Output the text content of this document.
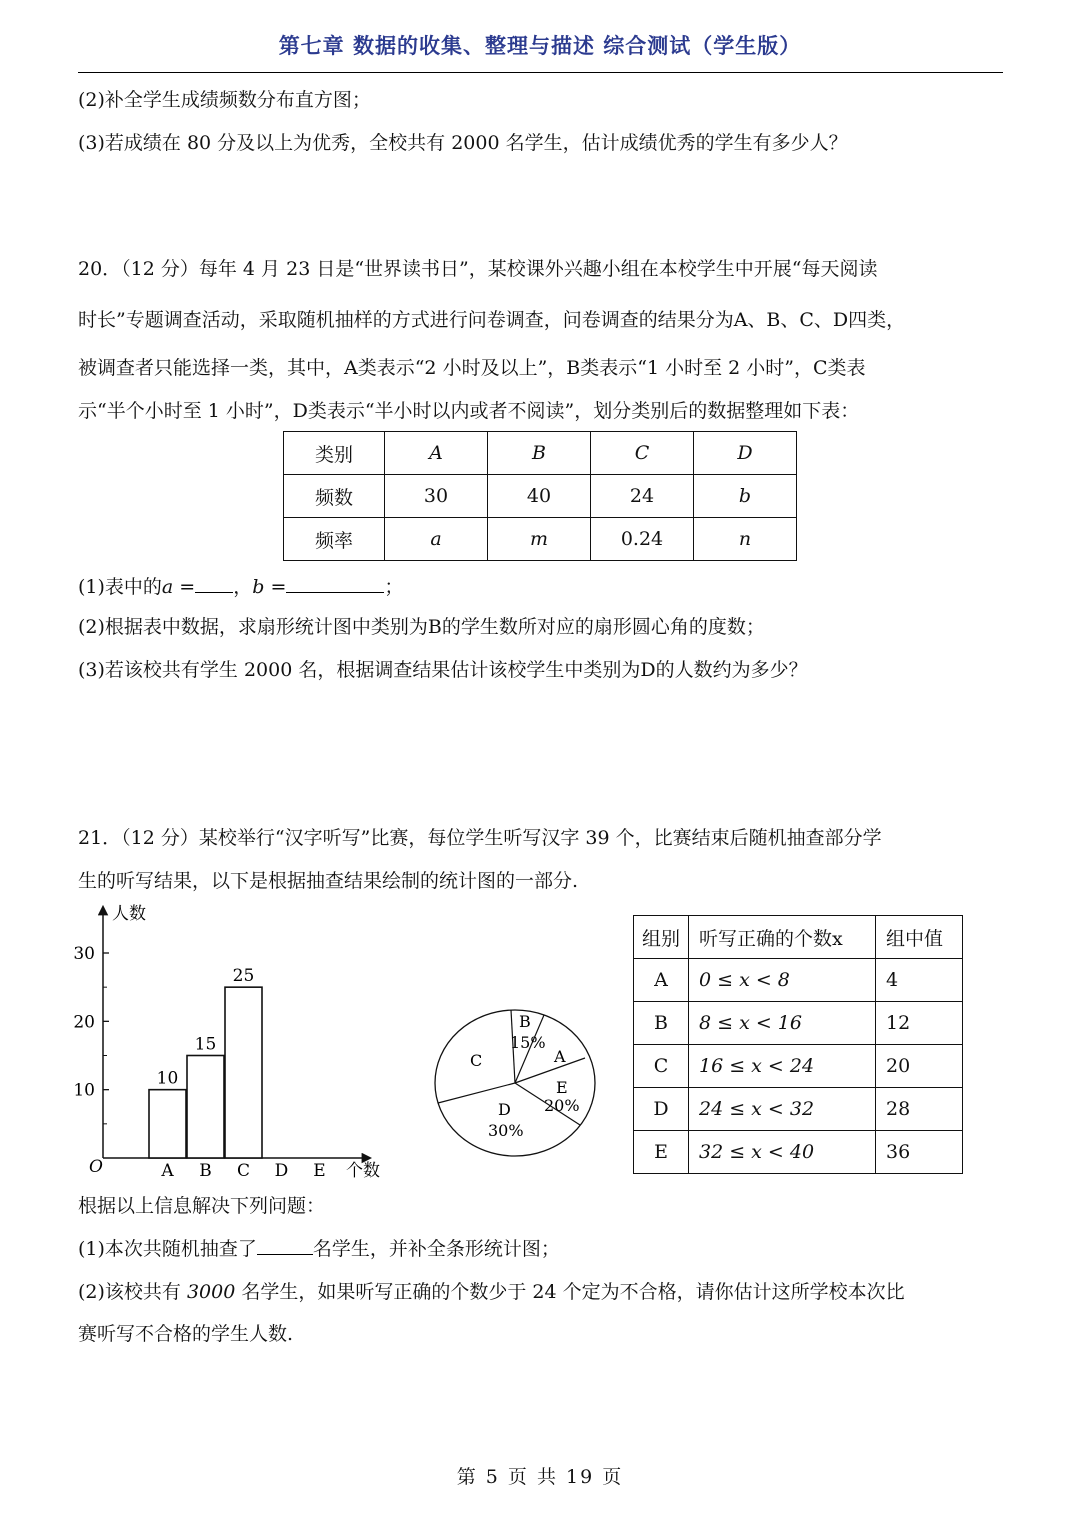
第七章 数据的收集、整理与描述 综合测试（学生版）
(2)补全学生成绩频数分布直方图；
(3)若成绩在 80 分及以上为优秀，全校共有 2000 名学生，估计成绩优秀的学生有多少人？
20．（12 分）每年 4 月 23 日是“世界读书日”，某校课外兴趣小组在本校学生中开展“每天阅读
时长”专题调查活动，采取随机抽样的方式进行问卷调查，问卷调查的结果分为A、B、C、D四类，
被调查者只能选择一类，其中，A类表示“2 小时及以上”，B类表示“1 小时至 2 小时”，C类表
示“半个小时至 1 小时”，D类表示“半小时以内或者不阅读”，划分类别后的数据整理如下表：
类别	A	B	C	D
频数	30	40	24	b
频率	a	m	0.24	n
(1)表中的a = ，b =	；
(2)根据表中数据，求扇形统计图中类别为B的学生数所对应的扇形圆心角的度数；
(3)若该校共有学生 2000 名，根据调查结果估计该校学生中类别为D的人数约为多少？
21．（12 分）某校举行“汉字听写”比赛，每位学生听写汉字 39 个，比赛结束后随机抽查部分学
生的听写结果，以下是根据抽查结果绘制的统计图的一部分.
人数
个数
O
10
20
30
10
A
15
B
25
C D E
B
15%
C	A
E
20%
D
30%
组别	听写正确的个数x	组中值
A	0 ≤ x < 8	4
B	8 ≤ x < 16	12
C	16 ≤ x < 24	20
D	24 ≤ x < 32	28
E	32 ≤ x < 40	36
根据以上信息解决下列问题：
(1)本次共随机抽查了	名学生，并补全条形统计图；
(2)该校共有 3000 名学生，如果听写正确的个数少于 24 个定为不合格，请你估计这所学校本次比
赛听写不合格的学生人数.
第 5 页 共 19 页
